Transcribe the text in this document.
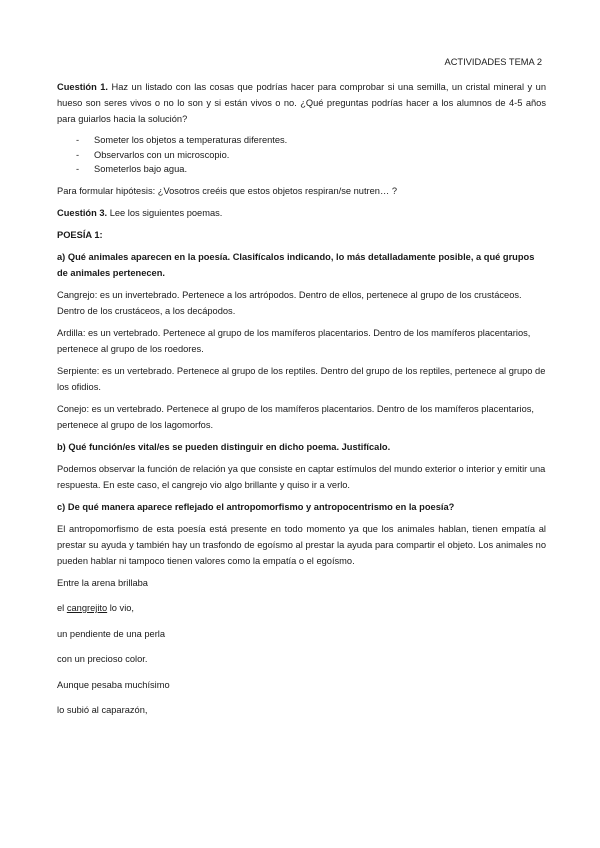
ACTIVIDADES TEMA 2

Cuestión 1. Haz un listado con las cosas que podrías hacer para comprobar si una semilla, un cristal mineral y un hueso son seres vivos o no lo son y si están vivos o no. ¿Qué preguntas podrías hacer a los alumnos de 4-5 años para guiarlos hacia la solución?

- Someter los objetos a temperaturas diferentes.
- Observarlos con un microscopio.
- Someterlos bajo agua.

Para formular hipótesis: ¿Vosotros creéis que estos objetos respiran/se nutren… ?

Cuestión 3. Lee los siguientes poemas.

POESÍA 1:

a) Qué animales aparecen en la poesía. Clasifícalos indicando, lo más detalladamente posible, a qué grupos de animales pertenecen.

Cangrejo: es un invertebrado. Pertenece a los artrópodos. Dentro de ellos, pertenece al grupo de los crustáceos. Dentro de los crustáceos, a los decápodos.

Ardilla: es un vertebrado. Pertenece al grupo de los mamíferos placentarios. Dentro de los mamíferos placentarios, pertenece al grupo de los roedores.

Serpiente: es un vertebrado. Pertenece al grupo de los reptiles. Dentro del grupo de los reptiles, pertenece al grupo de los ofidios.

Conejo: es un vertebrado. Pertenece al grupo de los mamíferos placentarios. Dentro de los mamíferos placentarios, pertenece al grupo de los lagomorfos.

b) Qué función/es vital/es se pueden distinguir en dicho poema. Justifícalo.

Podemos observar la función de relación ya que consiste en captar estímulos del mundo exterior o interior y emitir una respuesta. En este caso, el cangrejo vio algo brillante y quiso ir a verlo.

c) De qué manera aparece reflejado el antropomorfismo y antropocentrismo en la poesía?

El antropomorfismo de esta poesía está presente en todo momento ya que los animales hablan, tienen empatía al prestar su ayuda y también hay un trasfondo de egoísmo al prestar la ayuda para compartir el objeto. Los animales no pueden hablar ni tampoco tienen valores como la empatía o el egoísmo.

Entre la arena brillaba

el cangrejito lo vio,

un pendiente de una perla

con un precioso color.

Aunque pesaba muchísimo

lo subió al caparazón,
